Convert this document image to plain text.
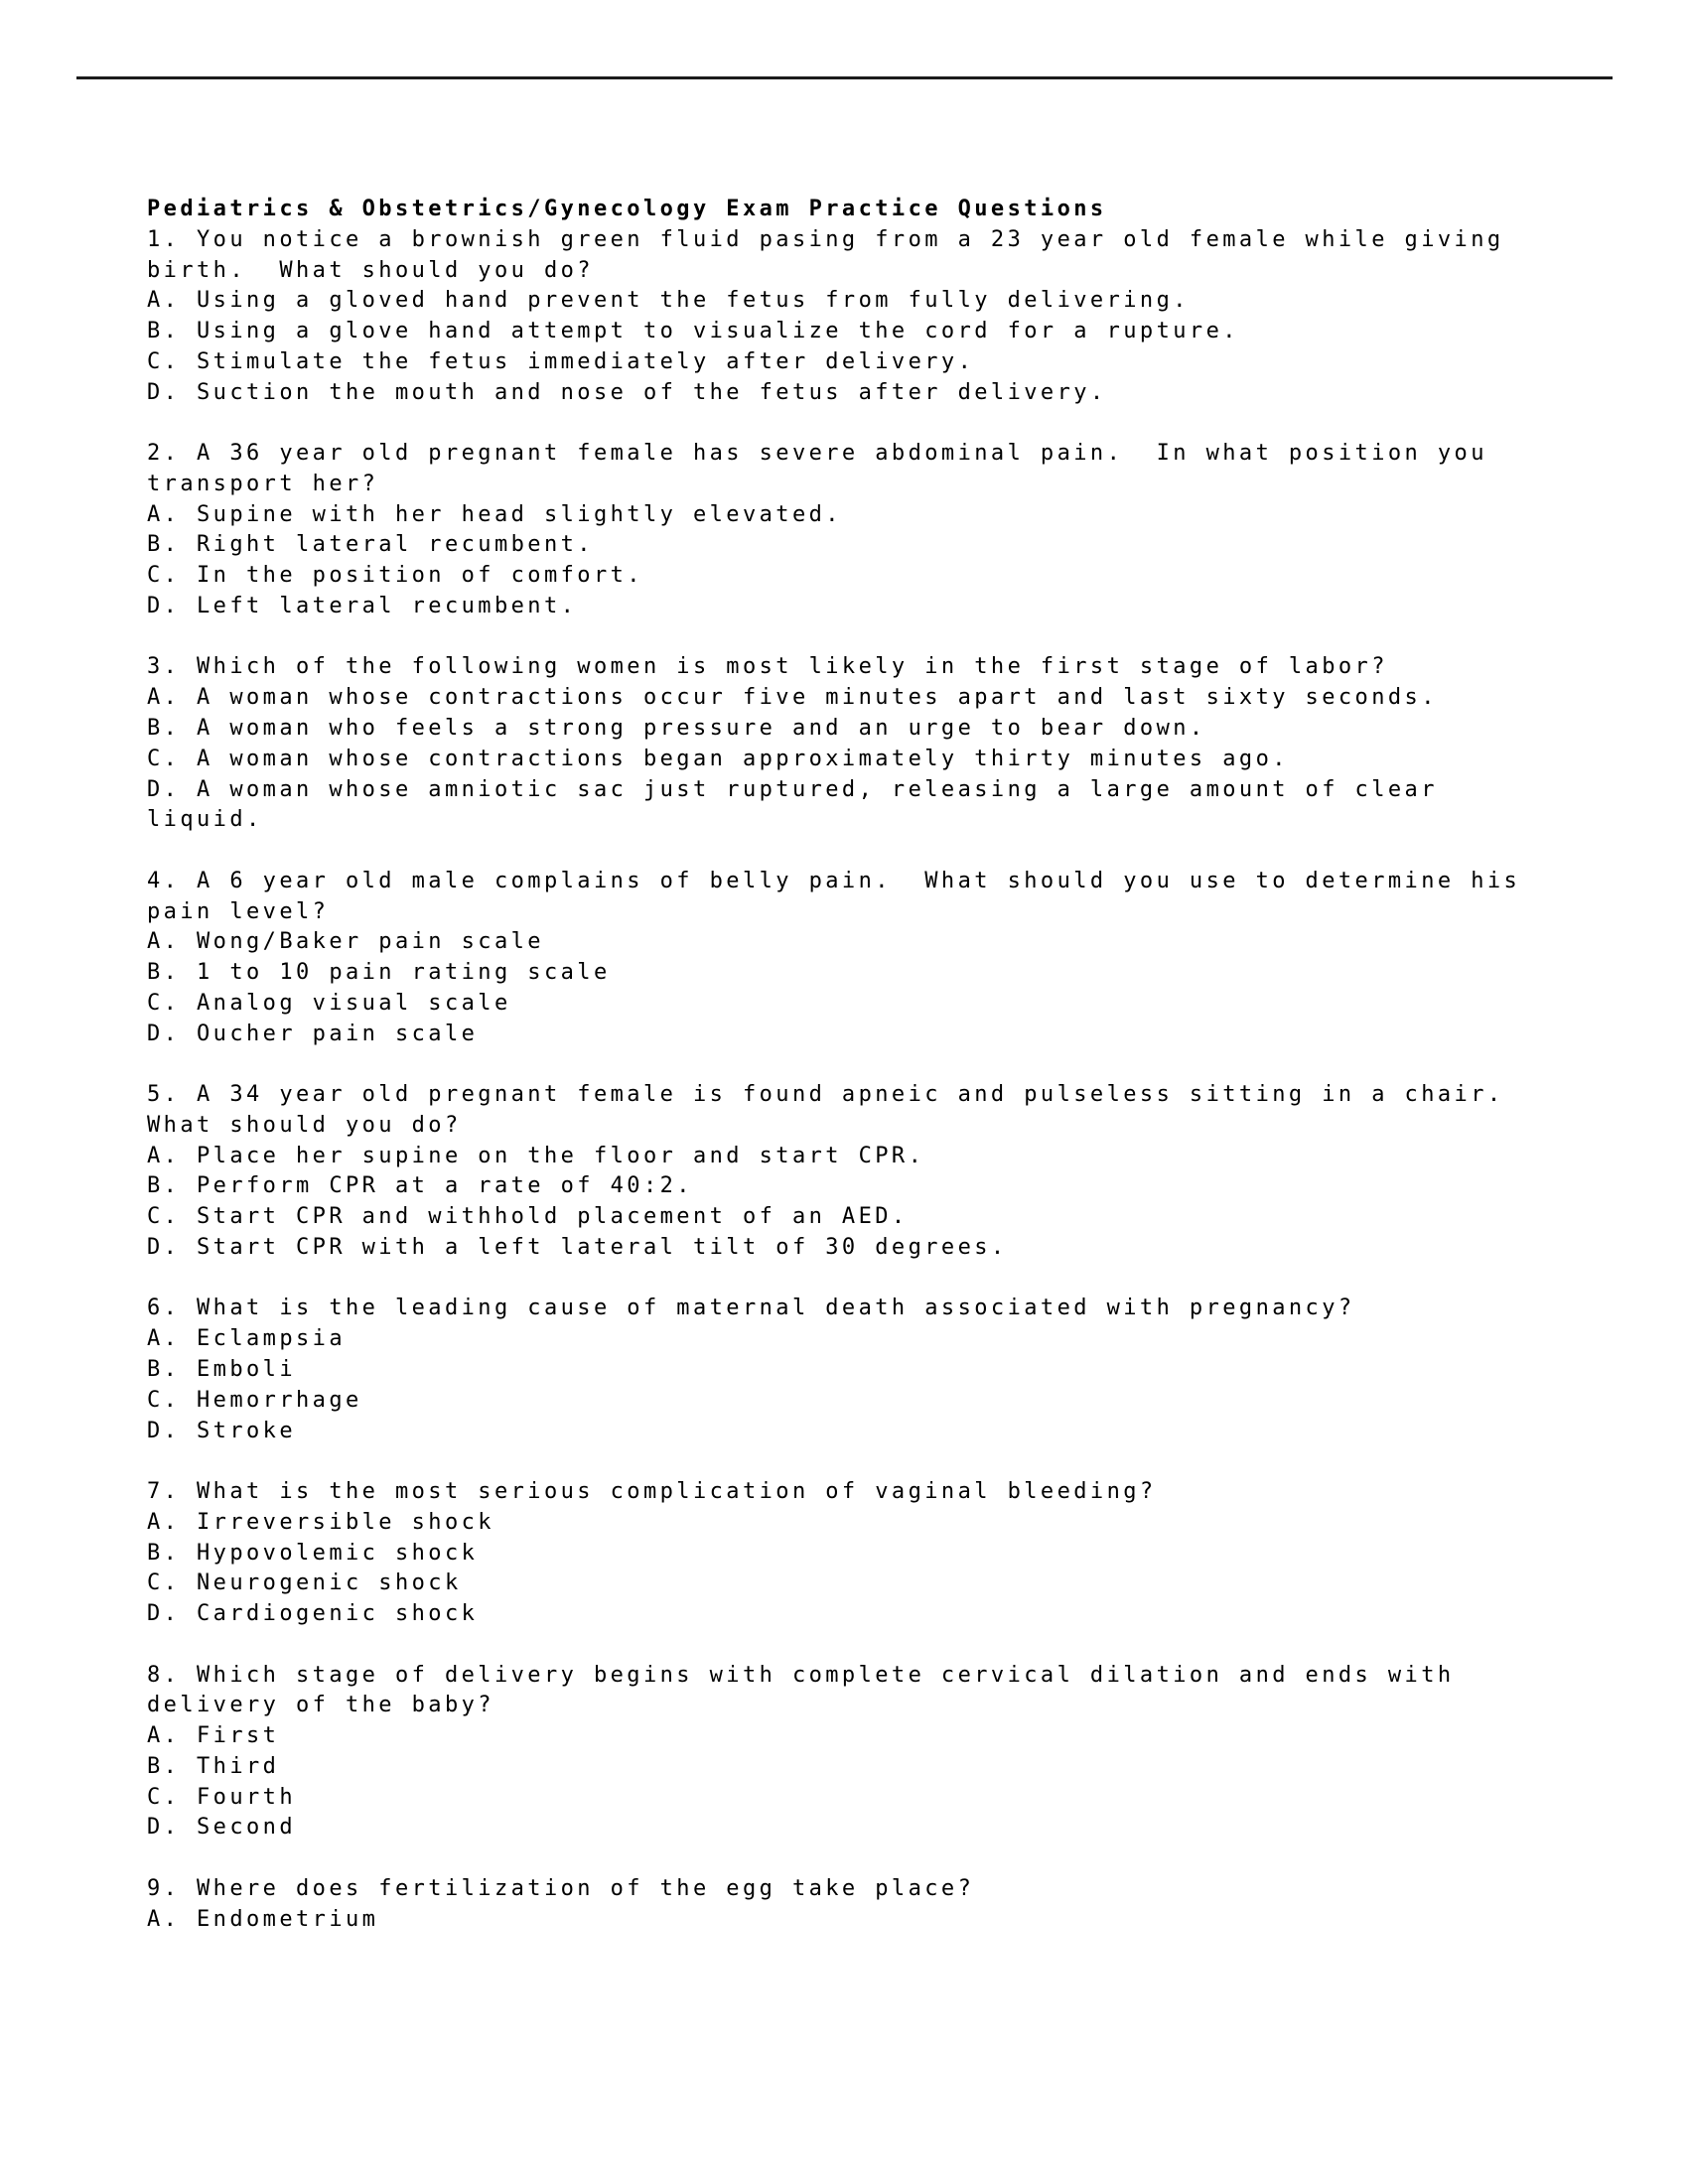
Pediatrics & Obstetrics/Gynecology Exam Practice Questions
1. You notice a brownish green fluid pasing from a 23 year old female while giving birth.  What should you do?
A. Using a gloved hand prevent the fetus from fully delivering.
B. Using a glove hand attempt to visualize the cord for a rupture.
C. Stimulate the fetus immediately after delivery.
D. Suction the mouth and nose of the fetus after delivery.
2. A 36 year old pregnant female has severe abdominal pain.  In what position you transport her?
A. Supine with her head slightly elevated.
B. Right lateral recumbent.
C. In the position of comfort.
D. Left lateral recumbent.
3. Which of the following women is most likely in the first stage of labor?
A. A woman whose contractions occur five minutes apart and last sixty seconds.
B. A woman who feels a strong pressure and an urge to bear down.
C. A woman whose contractions began approximately thirty minutes ago.
D. A woman whose amniotic sac just ruptured, releasing a large amount of clear liquid.
4. A 6 year old male complains of belly pain.  What should you use to determine his pain level?
A. Wong/Baker pain scale
B. 1 to 10 pain rating scale
C. Analog visual scale
D. Oucher pain scale
5. A 34 year old pregnant female is found apneic and pulseless sitting in a chair.  What should you do?
A. Place her supine on the floor and start CPR.
B. Perform CPR at a rate of 40:2.
C. Start CPR and withhold placement of an AED.
D. Start CPR with a left lateral tilt of 30 degrees.
6. What is the leading cause of maternal death associated with pregnancy?
A. Eclampsia
B. Emboli
C. Hemorrhage
D. Stroke
7. What is the most serious complication of vaginal bleeding?
A. Irreversible shock
B. Hypovolemic shock
C. Neurogenic shock
D. Cardiogenic shock
8. Which stage of delivery begins with complete cervical dilation and ends with delivery of the baby?
A. First
B. Third
C. Fourth
D. Second
9. Where does fertilization of the egg take place?
A. Endometrium
